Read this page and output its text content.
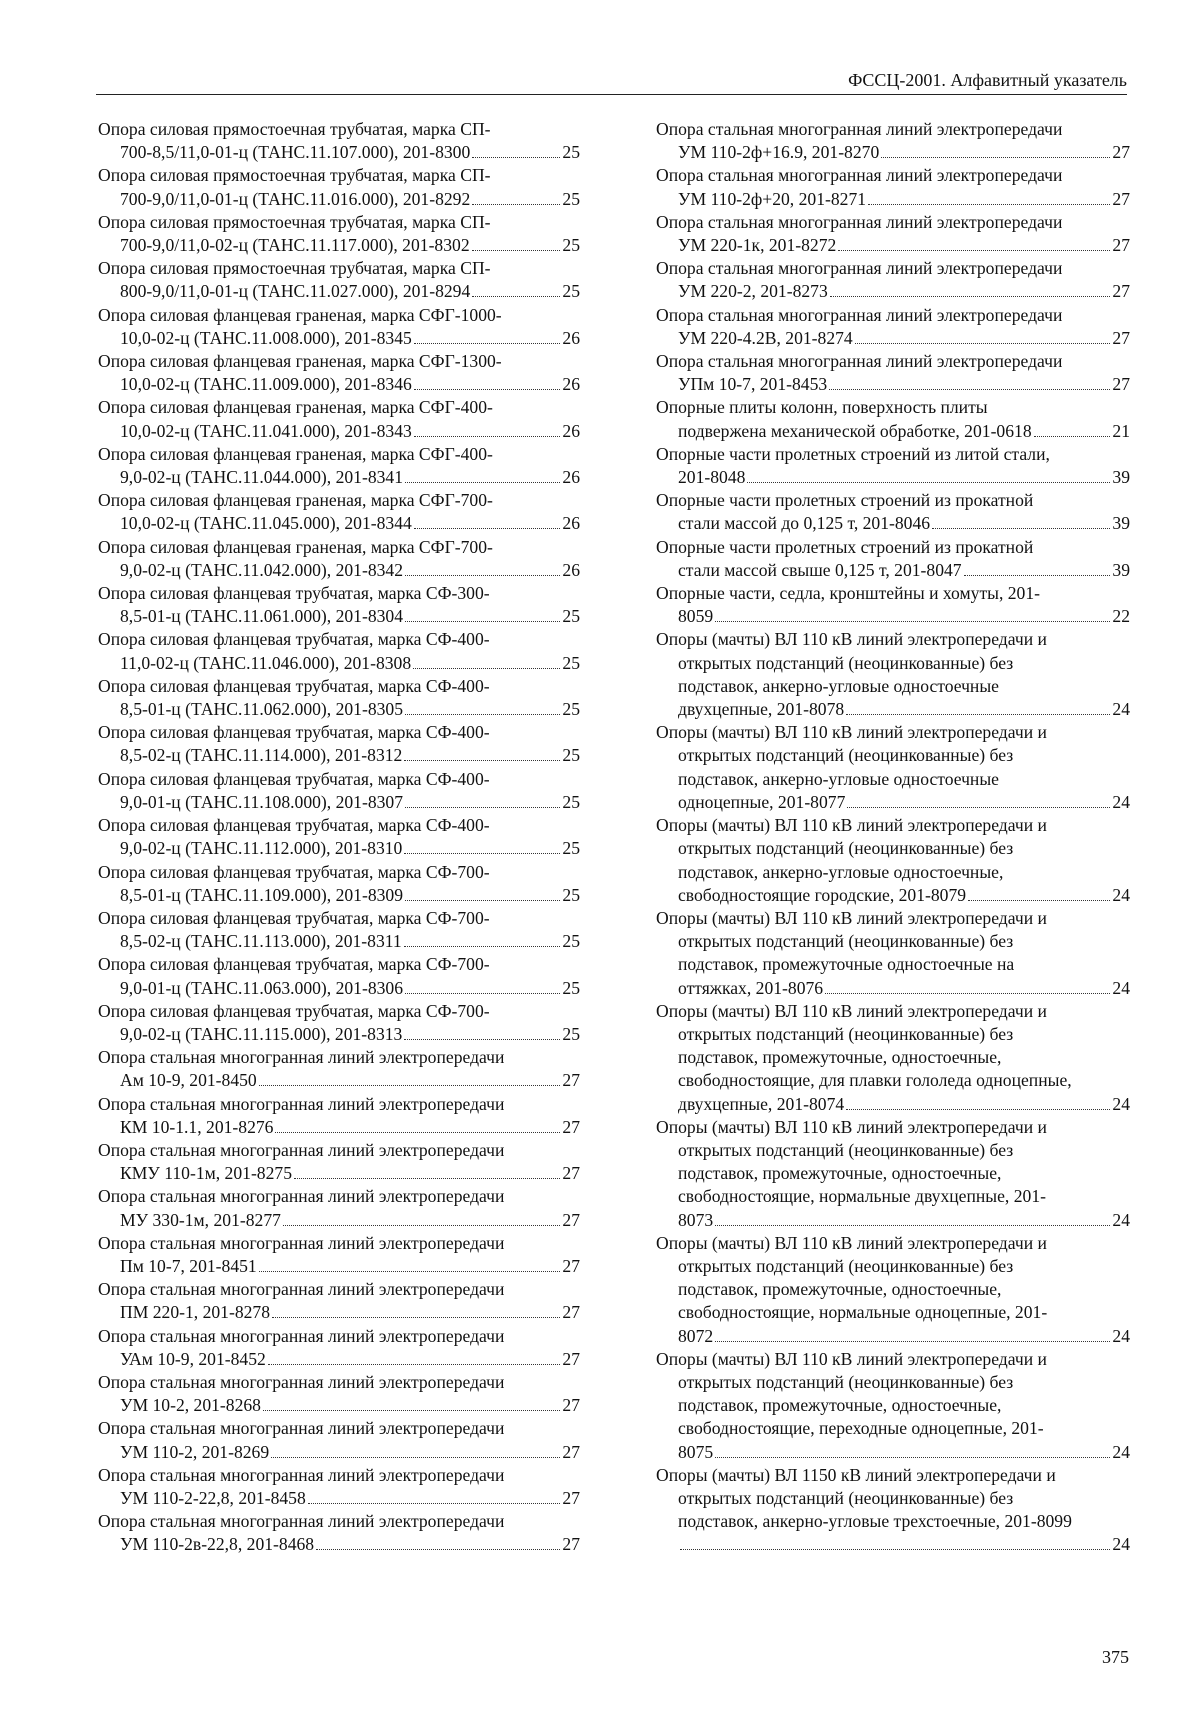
ФССЦ-2001. Алфавитный указатель
Опора силовая прямостоечная трубчатая, марка СП-
700-8,5/11,0-01-ц (ТАНС.11.107.000), 201-8300	25
Опора силовая прямостоечная трубчатая, марка СП-
700-9,0/11,0-01-ц (ТАНС.11.016.000), 201-8292	25
Опора силовая прямостоечная трубчатая, марка СП-
700-9,0/11,0-02-ц (ТАНС.11.117.000), 201-8302	25
Опора силовая прямостоечная трубчатая, марка СП-
800-9,0/11,0-01-ц (ТАНС.11.027.000), 201-8294	25
Опора силовая фланцевая граненая, марка СФГ-1000-
10,0-02-ц (ТАНС.11.008.000), 201-8345	26
Опора силовая фланцевая граненая, марка СФГ-1300-
10,0-02-ц (ТАНС.11.009.000), 201-8346	26
Опора силовая фланцевая граненая, марка СФГ-400-
10,0-02-ц (ТАНС.11.041.000), 201-8343	26
Опора силовая фланцевая граненая, марка СФГ-400-
9,0-02-ц (ТАНС.11.044.000), 201-8341	26
Опора силовая фланцевая граненая, марка СФГ-700-
10,0-02-ц (ТАНС.11.045.000), 201-8344	26
Опора силовая фланцевая граненая, марка СФГ-700-
9,0-02-ц (ТАНС.11.042.000), 201-8342	26
Опора силовая фланцевая трубчатая, марка СФ-300-
8,5-01-ц (ТАНС.11.061.000), 201-8304	25
Опора силовая фланцевая трубчатая, марка СФ-400-
11,0-02-ц (ТАНС.11.046.000), 201-8308	25
Опора силовая фланцевая трубчатая, марка СФ-400-
8,5-01-ц (ТАНС.11.062.000), 201-8305	25
Опора силовая фланцевая трубчатая, марка СФ-400-
8,5-02-ц (ТАНС.11.114.000), 201-8312	25
Опора силовая фланцевая трубчатая, марка СФ-400-
9,0-01-ц (ТАНС.11.108.000), 201-8307	25
Опора силовая фланцевая трубчатая, марка СФ-400-
9,0-02-ц (ТАНС.11.112.000), 201-8310	25
Опора силовая фланцевая трубчатая, марка СФ-700-
8,5-01-ц (ТАНС.11.109.000), 201-8309	25
Опора силовая фланцевая трубчатая, марка СФ-700-
8,5-02-ц (ТАНС.11.113.000), 201-8311	25
Опора силовая фланцевая трубчатая, марка СФ-700-
9,0-01-ц (ТАНС.11.063.000), 201-8306	25
Опора силовая фланцевая трубчатая, марка СФ-700-
9,0-02-ц (ТАНС.11.115.000), 201-8313	25
Опора стальная многогранная линий электропередачи
Ам 10-9, 201-8450	27
Опора стальная многогранная линий электропередачи
КМ 10-1.1, 201-8276	27
Опора стальная многогранная линий электропередачи
КМУ 110-1м, 201-8275	27
Опора стальная многогранная линий электропередачи
МУ 330-1м, 201-8277	27
Опора стальная многогранная линий электропередачи
Пм 10-7, 201-8451	27
Опора стальная многогранная линий электропередачи
ПМ 220-1, 201-8278	27
Опора стальная многогранная линий электропередачи
УАм 10-9, 201-8452	27
Опора стальная многогранная линий электропередачи
УМ 10-2, 201-8268	27
Опора стальная многогранная линий электропередачи
УМ 110-2, 201-8269	27
Опора стальная многогранная линий электропередачи
УМ 110-2-22,8, 201-8458	27
Опора стальная многогранная линий электропередачи
УМ 110-2в-22,8, 201-8468	27
Опора стальная многогранная линий электропередачи
УМ 110-2ф+16.9, 201-8270	27
Опора стальная многогранная линий электропередачи
УМ 110-2ф+20, 201-8271	27
Опора стальная многогранная линий электропередачи
УМ 220-1к, 201-8272	27
Опора стальная многогранная линий электропередачи
УМ 220-2, 201-8273	27
Опора стальная многогранная линий электропередачи
УМ 220-4.2В, 201-8274	27
Опора стальная многогранная линий электропередачи
УПм 10-7, 201-8453	27
Опорные плиты колонн, поверхность плиты
подвержена механической обработке, 201-0618	21
Опорные части пролетных строений из литой стали,
201-8048	39
Опорные части пролетных строений из прокатной
стали массой до 0,125 т, 201-8046	39
Опорные части пролетных строений из прокатной
стали массой свыше 0,125 т, 201-8047	39
Опорные части, седла, кронштейны и хомуты, 201-
8059	22
Опоры (мачты) ВЛ 110 кВ линий электропередачи и
открытых подстанций (неоцинкованные) без
подставок, анкерно-угловые одностоечные
двухцепные, 201-8078	24
Опоры (мачты) ВЛ 110 кВ линий электропередачи и
открытых подстанций (неоцинкованные) без
подставок, анкерно-угловые одностоечные
одноцепные, 201-8077	24
Опоры (мачты) ВЛ 110 кВ линий электропередачи и
открытых подстанций (неоцинкованные) без
подставок, анкерно-угловые одностоечные,
свободностоящие городские, 201-8079	24
Опоры (мачты) ВЛ 110 кВ линий электропередачи и
открытых подстанций (неоцинкованные) без
подставок, промежуточные одностоечные на
оттяжках, 201-8076	24
Опоры (мачты) ВЛ 110 кВ линий электропередачи и
открытых подстанций (неоцинкованные) без
подставок, промежуточные, одностоечные,
свободностоящие, для плавки гололеда одноцепные,
двухцепные, 201-8074	24
Опоры (мачты) ВЛ 110 кВ линий электропередачи и
открытых подстанций (неоцинкованные) без
подставок, промежуточные, одностоечные,
свободностоящие, нормальные двухцепные, 201-
8073	24
Опоры (мачты) ВЛ 110 кВ линий электропередачи и
открытых подстанций (неоцинкованные) без
подставок, промежуточные, одностоечные,
свободностоящие, нормальные одноцепные, 201-
8072	24
Опоры (мачты) ВЛ 110 кВ линий электропередачи и
открытых подстанций (неоцинкованные) без
подставок, промежуточные, одностоечные,
свободностоящие, переходные одноцепные, 201-
8075	24
Опоры (мачты) ВЛ 1150 кВ линий электропередачи и
открытых подстанций (неоцинкованные) без
подставок, анкерно-угловые трехстоечные, 201-8099
24
375
